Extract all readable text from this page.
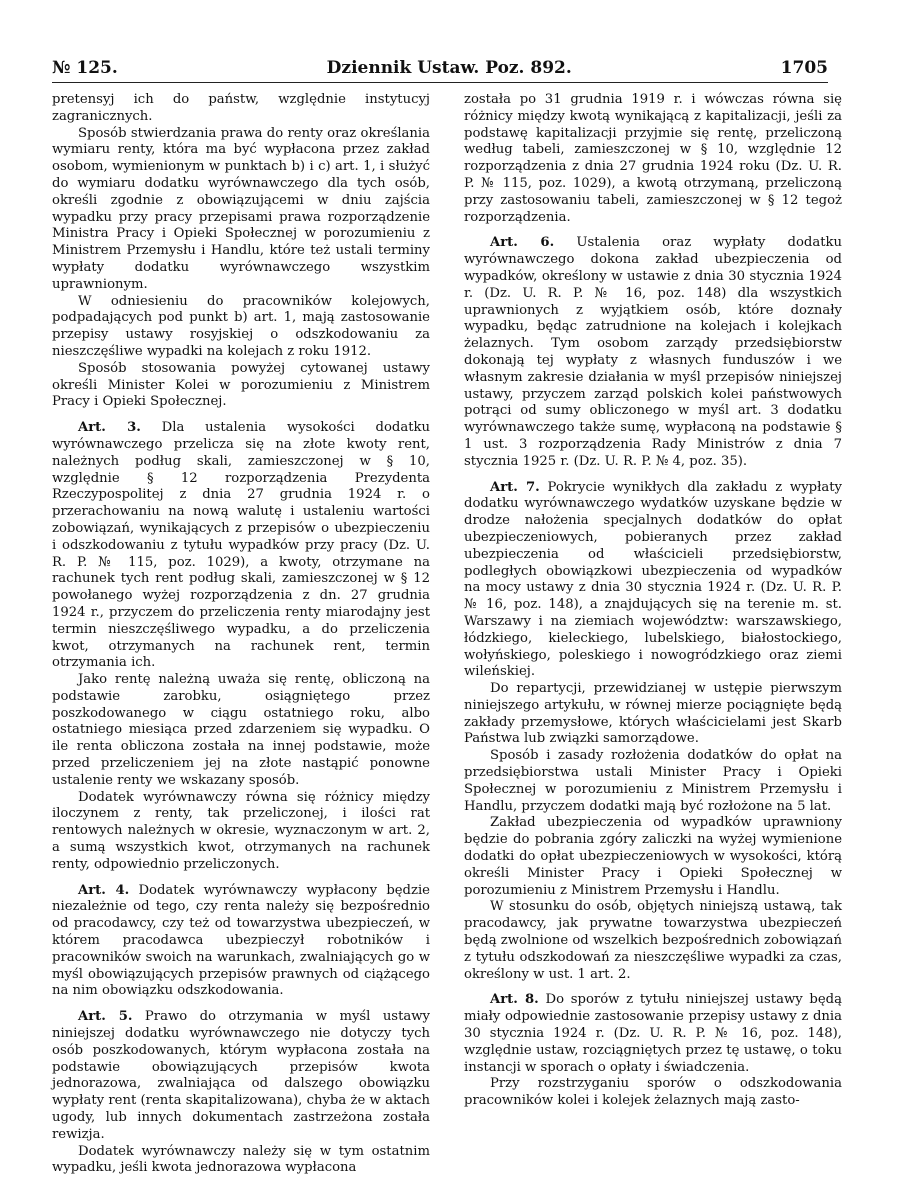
№ 125.	Dziennik Ustaw. Poz. 892.	1705

pretensyj ich do państw, względnie instytucyj zagranicznych.

Sposób stwierdzania prawa do renty oraz określania wymiaru renty, która ma być wypłacona przez zakład osobom, wymienionym w punktach b) i c) art. 1, i służyć do wymiaru dodatku wyrównawczego dla tych osób, określi zgodnie z obowiązującemi w dniu zajścia wypadku przy pracy przepisami prawa rozporządzenie Ministra Pracy i Opieki Społecznej w porozumieniu z Ministrem Przemysłu i Handlu, które też ustali terminy wypłaty dodatku wyrównawczego wszystkim uprawnionym.

W odniesieniu do pracowników kolejowych, podpadających pod punkt b) art. 1, mają zastosowanie przepisy ustawy rosyjskiej o odszkodowaniu za nieszczęśliwe wypadki na kolejach z roku 1912.

Sposób stosowania powyżej cytowanej ustawy określi Minister Kolei w porozumieniu z Ministrem Pracy i Opieki Społecznej.

Art. 3. Dla ustalenia wysokości dodatku wyrównawczego przelicza się na złote kwoty rent, należnych podług skali, zamieszczonej w § 10, względnie § 12 rozporządzenia Prezydenta Rzeczypospolitej z dnia 27 grudnia 1924 r. o przerachowaniu na nową walutę i ustaleniu wartości zobowiązań, wynikających z przepisów o ubezpieczeniu i odszkodowaniu z tytułu wypadków przy pracy (Dz. U. R. P. № 115, poz. 1029), a kwoty, otrzymane na rachunek tych rent podług skali, zamieszczonej w § 12 powołanego wyżej rozporządzenia z dn. 27 grudnia 1924 r., przyczem do przeliczenia renty miarodajny jest termin nieszczęśliwego wypadku, a do przeliczenia kwot, otrzymanych na rachunek rent, termin otrzymania ich.

Jako rentę należną uważa się rentę, obliczoną na podstawie zarobku, osiągniętego przez poszkodowanego w ciągu ostatniego roku, albo ostatniego miesiąca przed zdarzeniem się wypadku. O ile renta obliczona została na innej podstawie, może przed przeliczeniem jej na złote nastąpić ponowne ustalenie renty we wskazany sposób.

Dodatek wyrównawczy równa się różnicy między iloczynem z renty, tak przeliczonej, i ilości rat rentowych należnych w okresie, wyznaczonym w art. 2, a sumą wszystkich kwot, otrzymanych na rachunek renty, odpowiednio przeliczonych.

Art. 4. Dodatek wyrównawczy wypłacony będzie niezależnie od tego, czy renta należy się bezpośrednio od pracodawcy, czy też od towarzystwa ubezpieczeń, w którem pracodawca ubezpieczył robotników i pracowników swoich na warunkach, zwalniających go w myśl obowiązujących przepisów prawnych od ciążącego na nim obowiązku odszkodowania.

Art. 5. Prawo do otrzymania w myśl ustawy niniejszej dodatku wyrównawczego nie dotyczy tych osób poszkodowanych, którym wypłacona została na podstawie obowiązujących przepisów kwota jednorazowa, zwalniająca od dalszego obowiązku wypłaty rent (renta skapitalizowana), chyba że w aktach ugody, lub innych dokumentach zastrzeżona została rewizja.

Dodatek wyrównawczy należy się w tym ostatnim wypadku, jeśli kwota jednorazowa wypłacona

została po 31 grudnia 1919 r. i wówczas równa się różnicy między kwotą wynikającą z kapitalizacji, jeśli za podstawę kapitalizacji przyjmie się rentę, przeliczoną według tabeli, zamieszczonej w § 10, względnie 12 rozporządzenia z dnia 27 grudnia 1924 roku (Dz. U. R. P. № 115, poz. 1029), a kwotą otrzymaną, przeliczoną przy zastosowaniu tabeli, zamieszczonej w § 12 tegoż rozporządzenia.

Art. 6. Ustalenia oraz wypłaty dodatku wyrównawczego dokona zakład ubezpieczenia od wypadków, określony w ustawie z dnia 30 stycznia 1924 r. (Dz. U. R. P. № 16, poz. 148) dla wszystkich uprawnionych z wyjątkiem osób, które doznały wypadku, będąc zatrudnione na kolejach i kolejkach żelaznych. Tym osobom zarządy przedsiębiorstw dokonają tej wypłaty z własnych funduszów i we własnym zakresie działania w myśl przepisów niniejszej ustawy, przyczem zarząd polskich kolei państwowych potrąci od sumy obliczonego w myśl art. 3 dodatku wyrównawczego także sumę, wypłaconą na podstawie § 1 ust. 3 rozporządzenia Rady Ministrów z dnia 7 stycznia 1925 r. (Dz. U. R. P. № 4, poz. 35).

Art. 7. Pokrycie wynikłych dla zakładu z wypłaty dodatku wyrównawczego wydatków uzyskane będzie w drodze nałożenia specjalnych dodatków do opłat ubezpieczeniowych, pobieranych przez zakład ubezpieczenia od właścicieli przedsiębiorstw, podległych obowiązkowi ubezpieczenia od wypadków na mocy ustawy z dnia 30 stycznia 1924 r. (Dz. U. R. P. № 16, poz. 148), a znajdujących się na terenie m. st. Warszawy i na ziemiach województw: warszawskiego, łódzkiego, kieleckiego, lubelskiego, białostockiego, wołyńskiego, poleskiego i nowogródzkiego oraz ziemi wileńskiej.

Do repartycji, przewidzianej w ustępie pierwszym niniejszego artykułu, w równej mierze pociągnięte będą zakłady przemysłowe, których właścicielami jest Skarb Państwa lub związki samorządowe.

Sposób i zasady rozłożenia dodatków do opłat na przedsiębiorstwa ustali Minister Pracy i Opieki Społecznej w porozumieniu z Ministrem Przemysłu i Handlu, przyczem dodatki mają być rozłożone na 5 lat.

Zakład ubezpieczenia od wypadków uprawniony będzie do pobrania zgóry zaliczki na wyżej wymienione dodatki do opłat ubezpieczeniowych w wysokości, którą określi Minister Pracy i Opieki Społecznej w porozumieniu z Ministrem Przemysłu i Handlu.

W stosunku do osób, objętych niniejszą ustawą, tak pracodawcy, jak prywatne towarzystwa ubezpieczeń będą zwolnione od wszelkich bezpośrednich zobowiązań z tytułu odszkodowań za nieszczęśliwe wypadki za czas, określony w ust. 1 art. 2.

Art. 8. Do sporów z tytułu niniejszej ustawy będą miały odpowiednie zastosowanie przepisy ustawy z dnia 30 stycznia 1924 r. (Dz. U. R. P. № 16, poz. 148), względnie ustaw, rozciągniętych przez tę ustawę, o toku instancji w sporach o opłaty i świadczenia.

Przy rozstrzyganiu sporów o odszkodowania pracowników kolei i kolejek żelaznych mają zasto-
